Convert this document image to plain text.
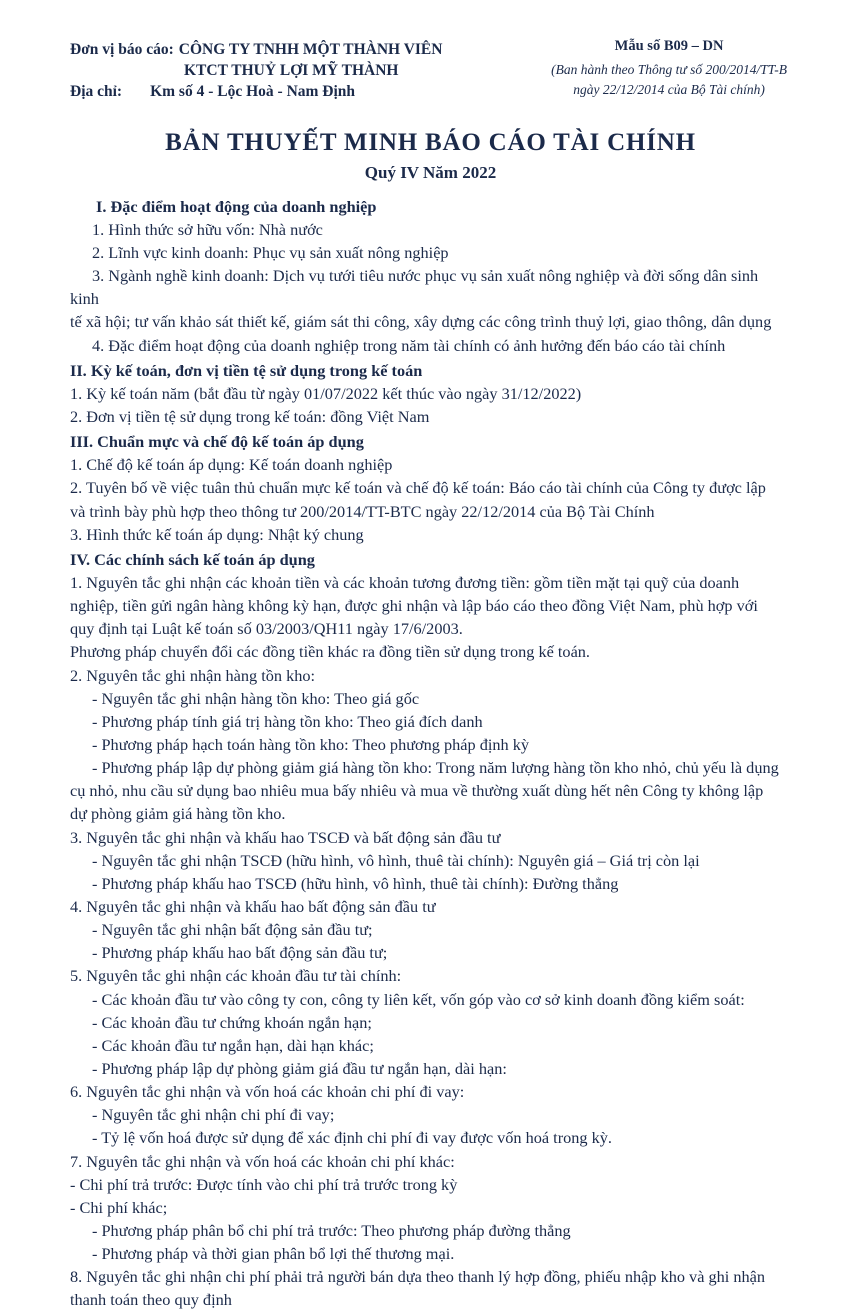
Đơn vị báo cáo: CÔNG TY TNHH MỘT THÀNH VIÊN
KTCT THUỶ LỢI MỸ THÀNH
Địa chỉ: Km số 4 - Lộc Hoà - Nam Định
Mẫu số B09 – DN
(Ban hành theo Thông tư số 200/2014/TT-B
ngày 22/12/2014 của Bộ Tài chính)
BẢN THUYẾT MINH BÁO CÁO TÀI CHÍNH
Quý IV Năm 2022
I. Đặc điểm hoạt động của doanh nghiệp
1. Hình thức sở hữu vốn: Nhà nước
2. Lĩnh vực kinh doanh: Phục vụ sản xuất nông nghiệp
3. Ngành nghề kinh doanh: Dịch vụ tưới tiêu nước phục vụ sản xuất nông nghiệp và đời sống dân sinh kinh
tế xã hội; tư vấn khảo sát thiết kế, giám sát thi công, xây dựng các công trình thuỷ lợi, giao thông, dân dụng
4. Đặc điểm hoạt động của doanh nghiệp trong năm tài chính có ảnh hưởng đến báo cáo tài chính
II. Kỳ kế toán, đơn vị tiền tệ sử dụng trong kế toán
1. Kỳ kế toán năm (bắt đầu từ ngày 01/07/2022 kết thúc vào ngày 31/12/2022)
2. Đơn vị tiền tệ sử dụng trong kế toán: đồng Việt Nam
III. Chuẩn mực và chế độ kế toán áp dụng
1. Chế độ kế toán áp dụng: Kế toán doanh nghiệp
2. Tuyên bố về việc tuân thủ chuẩn mực kế toán và chế độ kế toán: Báo cáo tài chính của Công ty được lập
và trình bày phù hợp theo thông tư 200/2014/TT-BTC ngày 22/12/2014 của Bộ Tài Chính
3. Hình thức kế toán áp dụng: Nhật ký chung
IV. Các chính sách kế toán áp dụng
1. Nguyên tắc ghi nhận các khoản tiền và các khoản tương đương tiền: gồm tiền mặt tại quỹ của doanh
nghiệp, tiền gửi ngân hàng không kỳ hạn, được ghi nhận và lập báo cáo theo đồng Việt Nam, phù hợp với
quy định tại Luật kế toán số 03/2003/QH11 ngày 17/6/2003.
Phương pháp chuyển đổi các đồng tiền khác ra đồng tiền sử dụng trong kế toán.
2. Nguyên tắc ghi nhận hàng tồn kho:
- Nguyên tắc ghi nhận hàng tồn kho: Theo giá gốc
- Phương pháp tính giá trị hàng tồn kho: Theo giá đích danh
- Phương pháp hạch toán hàng tồn kho: Theo phương pháp định kỳ
- Phương pháp lập dự phòng giảm giá hàng tồn kho: Trong năm lượng hàng tồn kho nhỏ, chủ yếu là dụng
cụ nhỏ, nhu cầu sử dụng bao nhiêu mua bấy nhiêu và mua về thường xuất dùng hết nên Công ty không lập
dự phòng giảm giá hàng tồn kho.
3. Nguyên tắc ghi nhận và khấu hao TSCĐ và bất động sản đầu tư
- Nguyên tắc ghi nhận TSCĐ (hữu hình, vô hình, thuê tài chính): Nguyên giá – Giá trị còn lại
- Phương pháp khấu hao TSCĐ (hữu hình, vô hình, thuê tài chính): Đường thẳng
4. Nguyên tắc ghi nhận và khấu hao bất động sản đầu tư
- Nguyên tắc ghi nhận bất động sản đầu tư;
- Phương pháp khấu hao bất động sản đầu tư;
5. Nguyên tắc ghi nhận các khoản đầu tư tài chính:
- Các khoản đầu tư vào công ty con, công ty liên kết, vốn góp vào cơ sở kinh doanh đồng kiểm soát:
- Các khoản đầu tư chứng khoán ngắn hạn;
- Các khoản đầu tư ngắn hạn, dài hạn khác;
- Phương pháp lập dự phòng giảm giá đầu tư ngắn hạn, dài hạn:
6. Nguyên tắc ghi nhận và vốn hoá các khoản chi phí đi vay:
- Nguyên tắc ghi nhận chi phí đi vay;
- Tỷ lệ vốn hoá được sử dụng để xác định chi phí đi vay được vốn hoá trong kỳ.
7. Nguyên tắc ghi nhận và vốn hoá các khoản chi phí khác:
- Chi phí trả trước: Được tính vào chi phí trả trước trong kỳ
- Chi phí khác;
- Phương pháp phân bổ chi phí trả trước: Theo phương pháp đường thẳng
- Phương pháp và thời gian phân bổ lợi thế thương mại.
8. Nguyên tắc ghi nhận chi phí phải trả người bán dựa theo thanh lý hợp đồng, phiếu nhập kho và ghi nhận
thanh toán theo quy định
